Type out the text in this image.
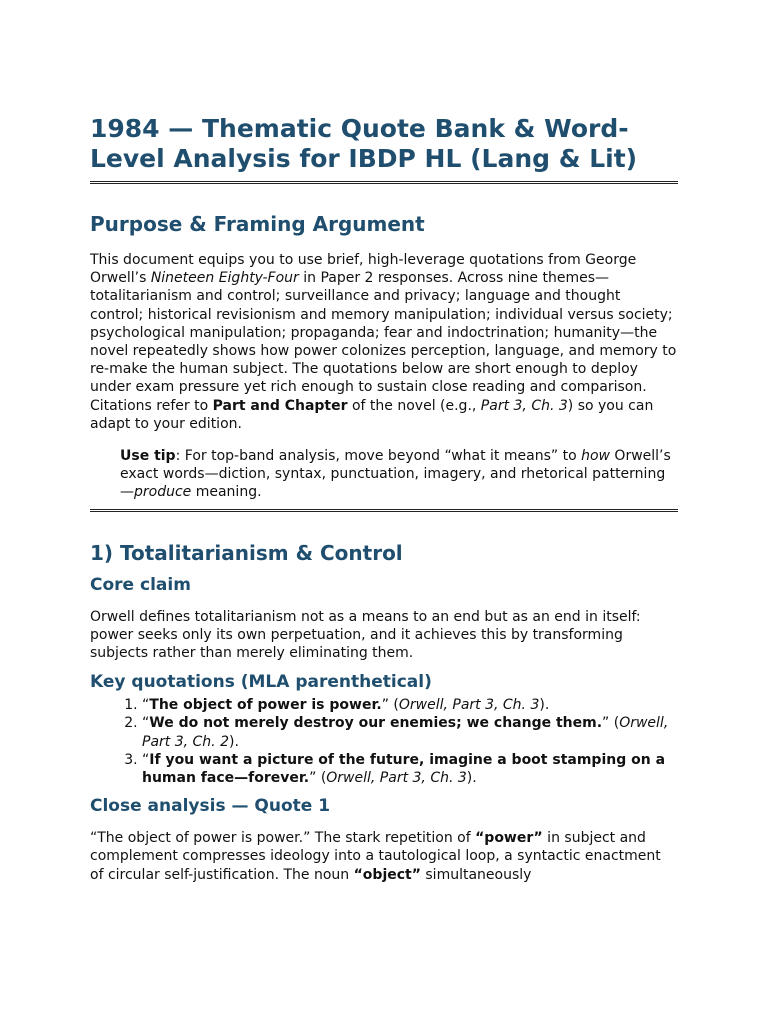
1984 — Thematic Quote Bank & Word-Level Analysis for IBDP HL (Lang & Lit)
Purpose & Framing Argument

This document equips you to use brief, high-leverage quotations from George Orwell’s Nineteen Eighty-Four in Paper 2 responses. Across nine themes—totalitarianism and control; surveillance and privacy; language and thought control; historical revisionism and memory manipulation; individual versus society; psychological manipulation; propaganda; fear and indoctrination; humanity—the novel repeatedly shows how power colonizes perception, language, and memory to re-make the human subject. The quotations below are short enough to deploy under exam pressure yet rich enough to sustain close reading and comparison. Citations refer to Part and Chapter of the novel (e.g., Part 3, Ch. 3) so you can adapt to your edition.

Use tip: For top-band analysis, move beyond “what it means” to how Orwell’s exact words—diction, syntax, punctuation, imagery, and rhetorical patterning—produce meaning.

1) Totalitarianism & Control
Core claim

Orwell defines totalitarianism not as a means to an end but as an end in itself: power seeks only its own perpetuation, and it achieves this by transforming subjects rather than merely eliminating them.

Key quotations (MLA parenthetical)
1. “The object of power is power.” (Orwell, Part 3, Ch. 3).
2. “We do not merely destroy our enemies; we change them.” (Orwell, Part 3, Ch. 2).
3. “If you want a picture of the future, imagine a boot stamping on a human face—forever.” (Orwell, Part 3, Ch. 3).
Close analysis — Quote 1

“The object of power is power.” The stark repetition of “power” in subject and complement compresses ideology into a tautological loop, a syntactic enactment of circular self-justification. The noun “object” simultaneously
